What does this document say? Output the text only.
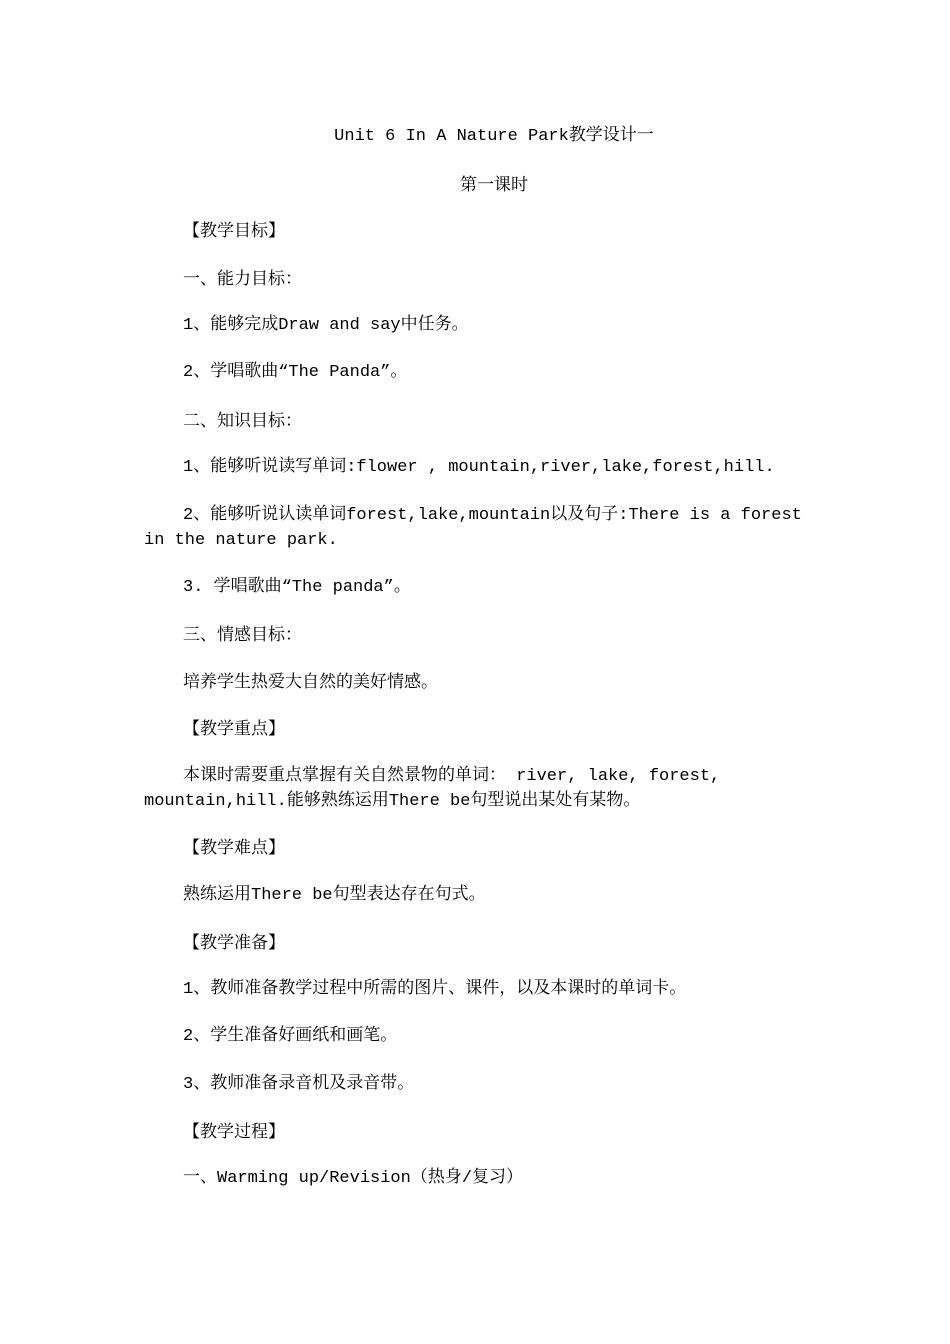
Unit 6 In A Nature Park教学设计一
第一课时
【教学目标】
一、能力目标：
1、能够完成Draw and say中任务。
2、学唱歌曲“The Panda”。
二、知识目标：
1、能够听说读写单词:flower , mountain,river,lake,forest,hill.
2、能够听说认读单词forest,lake,mountain以及句子:There is a forest in the nature park.
3. 学唱歌曲“The panda”。
三、情感目标：
培养学生热爱大自然的美好情感。
【教学重点】
本课时需要重点掌握有关自然景物的单词： river, lake, forest, mountain,hill.能够熟练运用There be句型说出某处有某物。
【教学难点】
熟练运用There be句型表达存在句式。
【教学准备】
1、教师准备教学过程中所需的图片、课件，以及本课时的单词卡。
2、学生准备好画纸和画笔。
3、教师准备录音机及录音带。
【教学过程】
一、Warming up/Revision（热身/复习）
